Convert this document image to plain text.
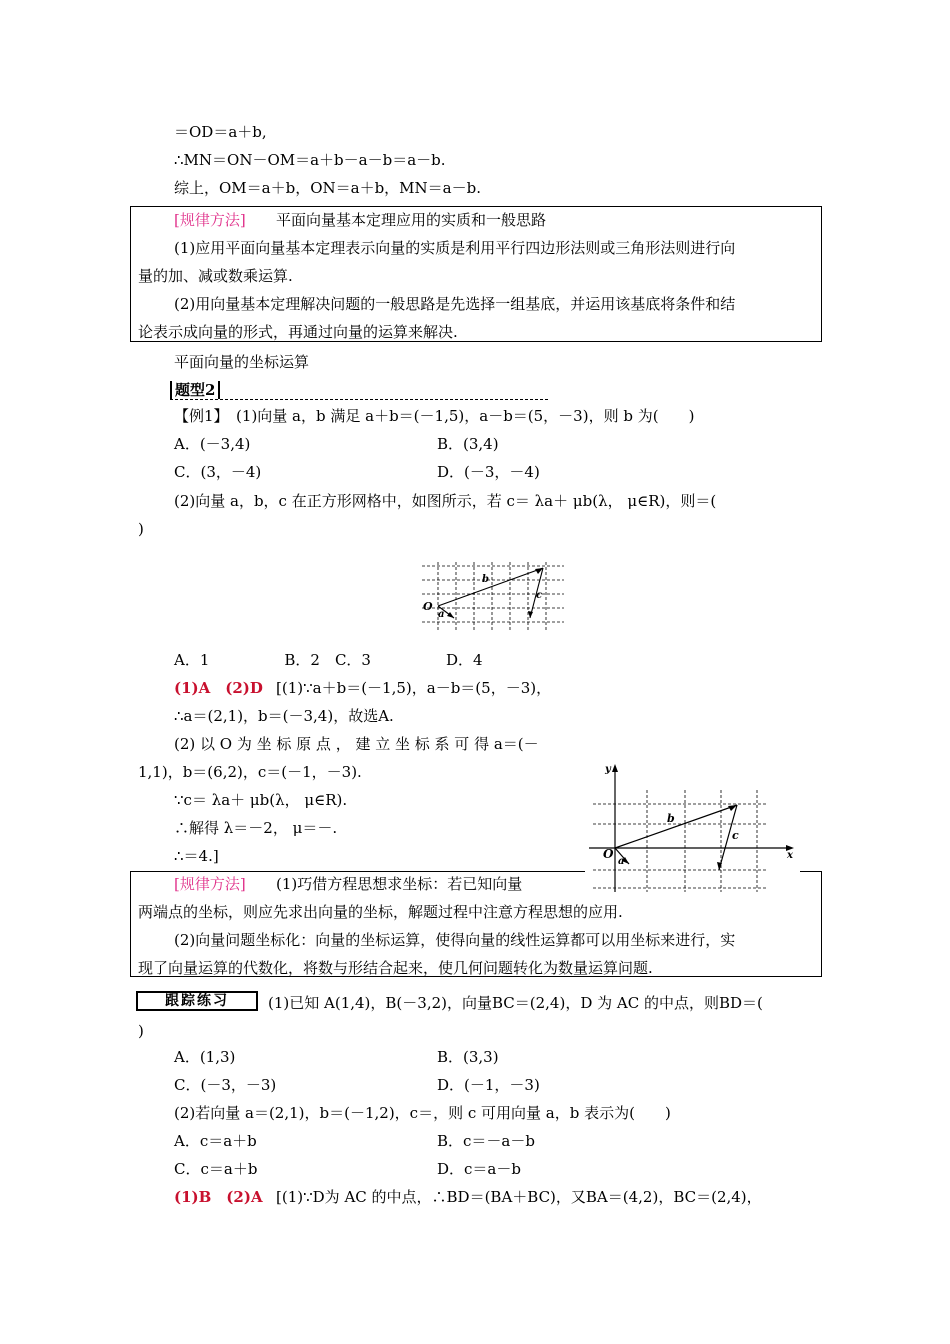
＝OD＝a＋b,
∴MN＝ON－OM＝a＋b－a－b＝a－b.
综上，OM＝a＋b，ON＝a＋b，MN＝a－b.
[规律方法] 平面向量基本定理应用的实质和一般思路
(1)应用平面向量基本定理表示向量的实质是利用平行四边形法则或三角形法则进行向
量的加、减或数乘运算.
(2)用向量基本定理解决问题的一般思路是先选择一组基底，并运用该基底将条件和结
论表示成向量的形式，再通过向量的运算来解决.
平面向量的坐标运算
题型2
【例1】　(1)向量 a，b 满足 a＋b＝(－1,5)，a－b＝(5，－3)，则 b 为(　　)
A．(－3,4)	B．(3,4)
C．(3，－4)	D．(－3，－4)
(2)向量 a，b，c 在正方形网格中，如图所示，若 c＝ λa＋ μb(λ， μ∈R)，则＝(
)
O
a
b
c
A．1　　　　　B．2　C．3　　　　　D．4
(1)A　(2)D [(1)∵a＋b＝(－1,5)，a－b＝(5，－3)，
∴a＝(2,1)，b＝(－3,4)，故选A.
(2) 以 O 为 坐 标 原 点 ， 建 立 坐 标 系 可 得 a＝(－
1,1)，b＝(6,2)，c＝(－1，－3).
∵c＝ λa＋ μb(λ， μ∈R).
∴解得 λ＝－2， μ＝－.
∴＝4.]
y
x
O
a
b
c
[规律方法] (1)巧借方程思想求坐标：若已知向量
两端点的坐标，则应先求出向量的坐标，解题过程中注意方程思想的应用.
(2)向量问题坐标化：向量的坐标运算，使得向量的线性运算都可以用坐标来进行，实
现了向量运算的代数化，将数与形结合起来，使几何问题转化为数量运算问题.
跟踪练习	(1)已知 A(1,4)，B(－3,2)，向量BC＝(2,4)，D 为 AC 的中点，则BD＝(
)
A．(1,3)	B．(3,3)
C．(－3，－3)	D．(－1，－3)
(2)若向量 a＝(2,1)，b＝(－1,2)，c＝，则 c 可用向量 a，b 表示为(　　)
A．c＝a＋b	B．c＝－a－b
C．c＝a＋b	D．c＝a－b
(1)B　(2)A [(1)∵D为 AC 的中点，∴BD＝(BA＋BC)，又BA＝(4,2)，BC＝(2,4)，
